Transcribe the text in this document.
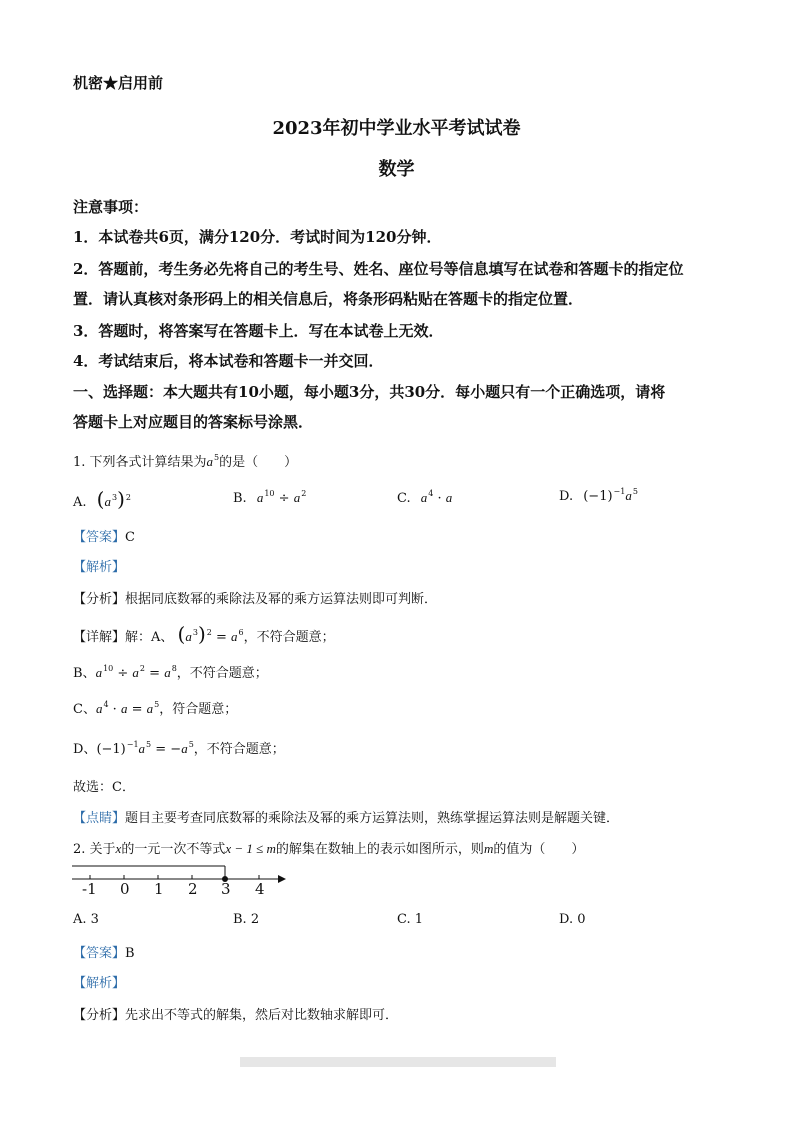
机密★启用前
2023年初中学业水平考试试卷
数学
注意事项：
1．本试卷共6页，满分120分．考试时间为120分钟．
2．答题前，考生务必先将自己的考生号、姓名、座位号等信息填写在试卷和答题卡的指定位
置．请认真核对条形码上的相关信息后，将条形码粘贴在答题卡的指定位置．
3．答题时，将答案写在答题卡上．写在本试卷上无效．
4．考试结束后，将本试卷和答题卡一并交回．
一、选择题：本大题共有10小题，每小题3分，共30分．每小题只有一个正确选项，请将
答题卡上对应题目的答案标号涂黑．
1. 下列各式计算结果为$a^5$的是（　　）
A. $(a^3)^2$	B. $a^{10} \div a^2$	C. $a^4 \cdot a$	D. $(-1)^{-1}a^5$
【答案】C
【解析】
【分析】根据同底数幂的乘除法及幂的乘方运算法则即可判断．
【详解】解：A、 $(a^3)^2 = a^6$，不符合题意；
B、$a^{10} \div a^2 = a^8$，不符合题意；
C、$a^4 \cdot a = a^5$，符合题意；
D、$(-1)^{-1}a^5 = -a^5$，不符合题意；
故选：C．
【点睛】题目主要考查同底数幂的乘除法及幂的乘方运算法则，熟练掌握运算法则是解题关键．
2. 关于x的一元一次不等式x − 1 ≤ m的解集在数轴上的表示如图所示，则m的值为（　　）
-1 0 1 2 3 4
A. 3	B. 2	C. 1	D. 0
【答案】B
【解析】
【分析】先求出不等式的解集，然后对比数轴求解即可．
